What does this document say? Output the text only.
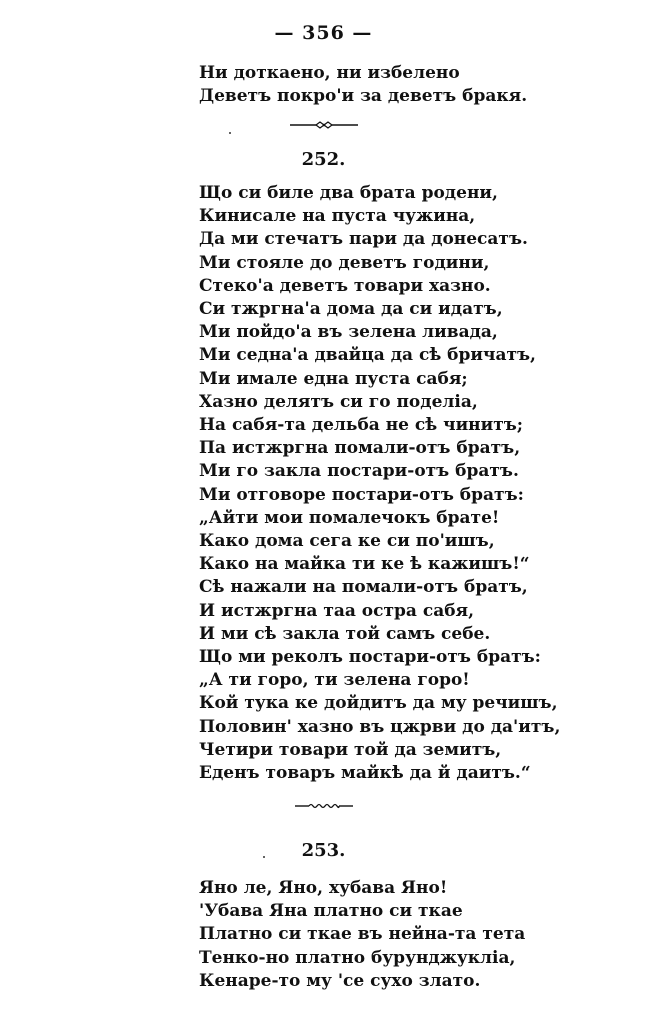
— 356 —
Ни доткаено, ни избелено
Деветъ покро'и за деветъ бракя.
252.
Що си биле два брата родени,
Кинисале на пуста чужина,
Да ми стечатъ пари да донесатъ.
Ми стояле до деветъ години,
Стеко'а деветъ товари хазно.
Си тжргна'а дома да си идатъ,
Ми пойдо'а въ зелена ливада,
Ми седна'а двайца да сѣ бричатъ,
Ми имале една пуста сабя;
Хазно делятъ си го поделіа,
На сабя-та дельба не сѣ чинитъ;
Па истжргна помали-отъ братъ,
Ми го закла постари-отъ братъ.
Ми отговоре постари-отъ братъ:
„Айти мои помалечокъ брате!
Како дома сега ке си по'ишъ,
Како на майка ти ке ѣ кажишъ!“
Сѣ нажали на помали-отъ братъ,
И истжргна таа остра сабя,
И ми сѣ закла той самъ себе.
Що ми реколъ постари-отъ братъ:
„А ти горо, ти зелена горо!
Кой тука ке дойдитъ да му речишъ,
Половин' хазно въ цжрви до да'итъ,
Четири товари той да земитъ,
Еденъ товаръ майкѣ да й даитъ.“
253.
Яно ле, Яно, хубава Яно!
'Убава Яна платно си ткае
Платно си ткае въ нейна-та тета
Тенко-но платно бурунджукліа,
Кенаре-то му 'се сухо злато.
